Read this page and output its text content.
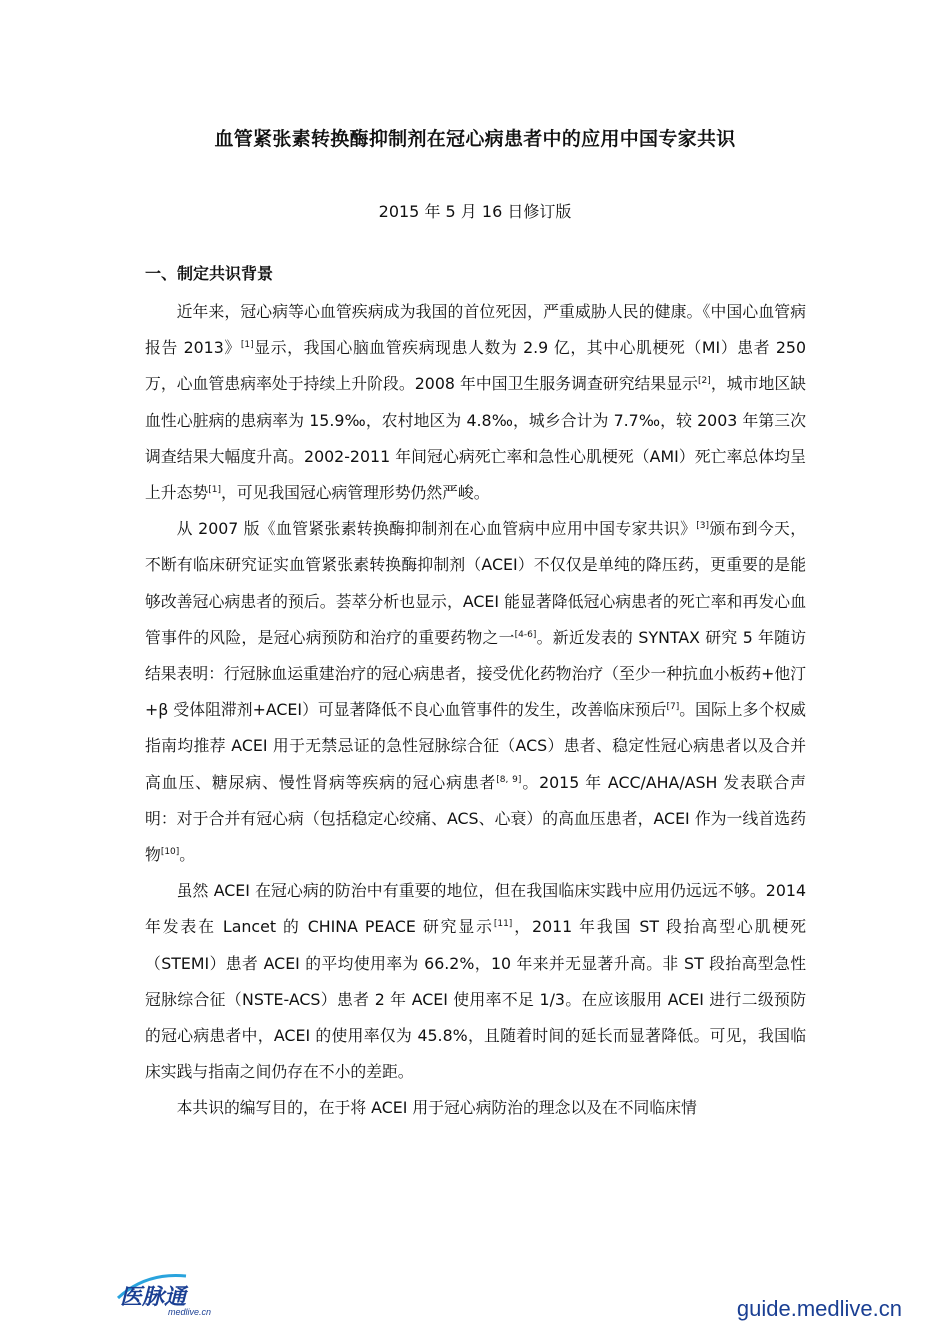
血管紧张素转换酶抑制剂在冠心病患者中的应用中国专家共识
2015 年 5 月 16 日修订版
一、制定共识背景

近年来，冠心病等心血管疾病成为我国的首位死因，严重威胁人民的健康。《中国心血管病报告 2013》[1]显示，我国心脑血管疾病现患人数为 2.9 亿，其中心肌梗死（MI）患者 250 万，心血管患病率处于持续上升阶段。2008 年中国卫生服务调查研究结果显示[2]，城市地区缺血性心脏病的患病率为 15.9‰，农村地区为 4.8‰，城乡合计为 7.7‰，较 2003 年第三次调查结果大幅度升高。2002-2011 年间冠心病死亡率和急性心肌梗死（AMI）死亡率总体均呈上升态势[1]，可见我国冠心病管理形势仍然严峻。

从 2007 版《血管紧张素转换酶抑制剂在心血管病中应用中国专家共识》[3]颁布到今天，不断有临床研究证实血管紧张素转换酶抑制剂（ACEI）不仅仅是单纯的降压药，更重要的是能够改善冠心病患者的预后。荟萃分析也显示，ACEI 能显著降低冠心病患者的死亡率和再发心血管事件的风险，是冠心病预防和治疗的重要药物之一[4-6]。新近发表的 SYNTAX 研究 5 年随访结果表明：行冠脉血运重建治疗的冠心病患者，接受优化药物治疗（至少一种抗血小板药+他汀+β 受体阻滞剂+ACEI）可显著降低不良心血管事件的发生，改善临床预后[7]。国际上多个权威指南均推荐 ACEI 用于无禁忌证的急性冠脉综合征（ACS）患者、稳定性冠心病患者以及合并高血压、糖尿病、慢性肾病等疾病的冠心病患者[8, 9]。2015 年 ACC/AHA/ASH 发表联合声明：对于合并有冠心病（包括稳定心绞痛、ACS、心衰）的高血压患者，ACEI 作为一线首选药物[10]。

虽然 ACEI 在冠心病的防治中有重要的地位，但在我国临床实践中应用仍远远不够。2014 年发表在 Lancet 的 CHINA PEACE 研究显示[11]，2011 年我国 ST 段抬高型心肌梗死（STEMI）患者 ACEI 的平均使用率为 66.2%，10 年来并无显著升高。非 ST 段抬高型急性冠脉综合征（NSTE-ACS）患者 2 年 ACEI 使用率不足 1/3。在应该服用 ACEI 进行二级预防的冠心病患者中，ACEI 的使用率仅为 45.8%，且随着时间的延长而显著降低。可见，我国临床实践与指南之间仍存在不小的差距。

本共识的编写目的，在于将 ACEI 用于冠心病防治的理念以及在不同临床情

医脉通
medlive.cn	guide.medlive.cn
